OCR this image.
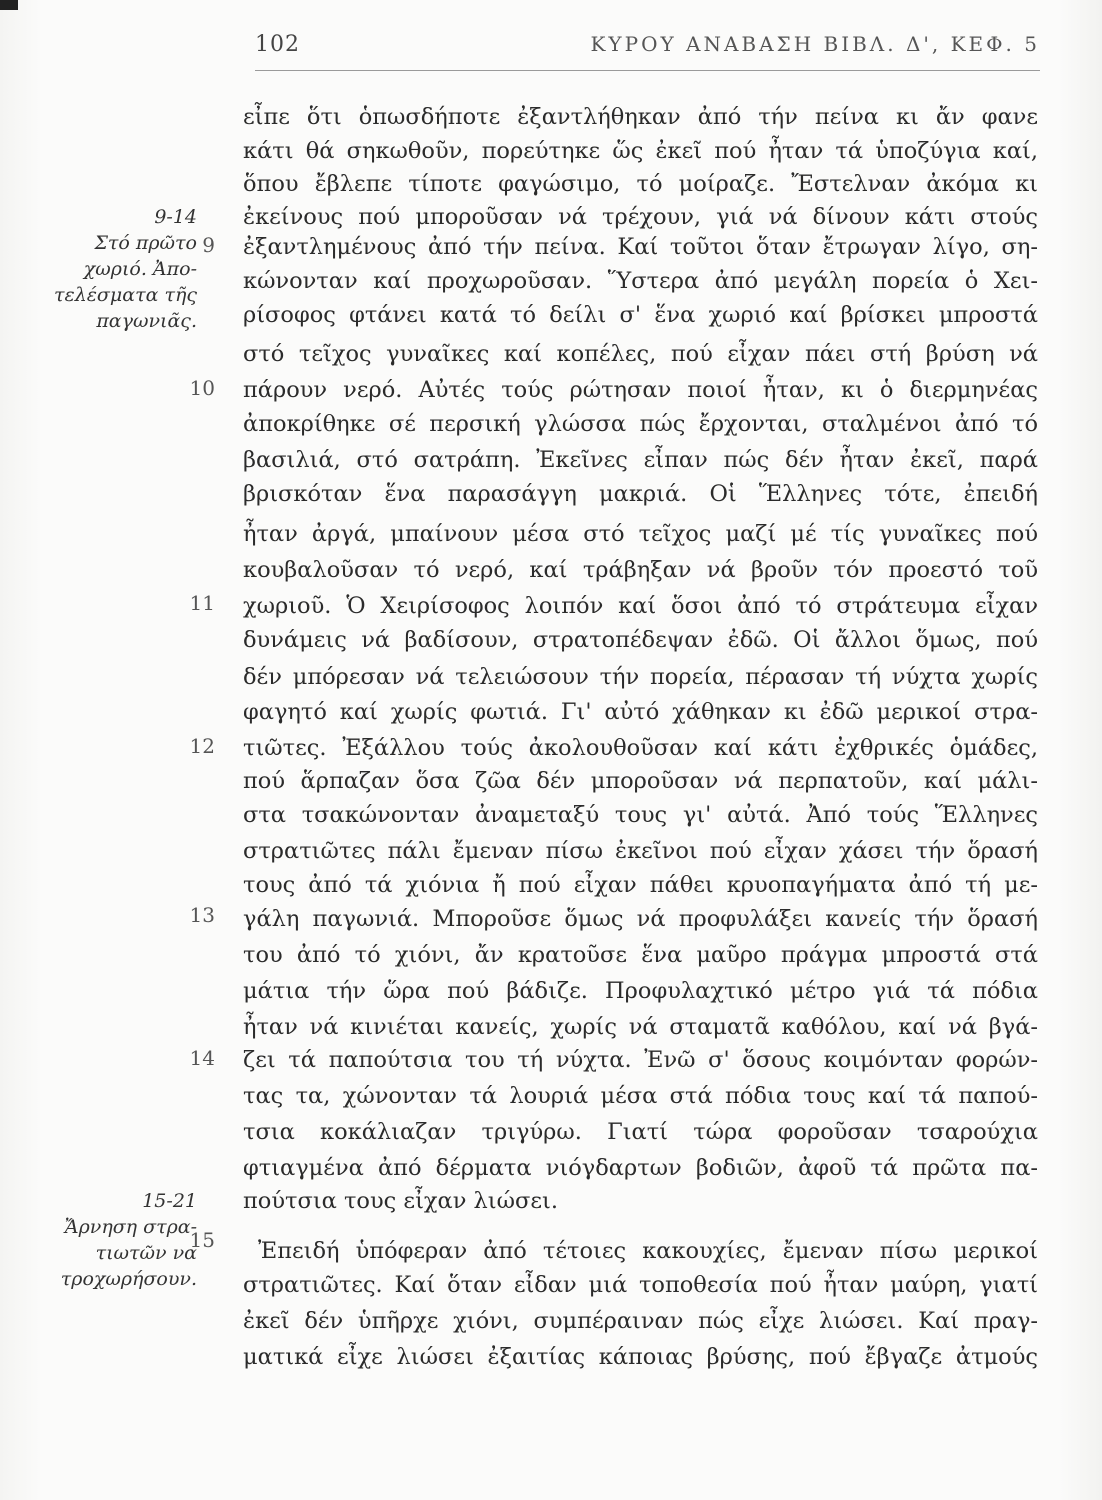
102	ΚΥΡΟΥ ΑΝΑΒΑΣΗ ΒΙΒΛ. Δ', ΚΕΦ. 5
9-14
Στό πρῶτο
χωριό. Ἀπο-
τελέσματα τῆς
παγωνιᾶς.
15-21
Ἄρνηση στρα-
τιωτῶν να
τροχωρήσουν.
9
10
11
12
13
14
15
εἶπε ὅτι ὁπωσδήποτε ἐξαντλήθηκαν ἀπό τήν πείνα κι ἄν φανε
κάτι θά σηκωθοῦν, πορεύτηκε ὥς ἐκεῖ πού ἦταν τά ὑποζύγια καί,
ὅπου ἔβλεπε τίποτε φαγώσιμο, τό μοίραζε. Ἔστελναν ἀκόμα κι
ἐκείνους πού μποροῦσαν νά τρέχουν, γιά νά δίνουν κάτι στούς
ἐξαντλημένους ἀπό τήν πείνα. Καί τοῦτοι ὅταν ἔτρωγαν λίγο, ση-
κώνονταν καί προχωροῦσαν. Ὕστερα ἀπό μεγάλη πορεία ὁ Χει-
ρίσοφος φτάνει κατά τό δείλι σ' ἕνα χωριό καί βρίσκει μπροστά
στό τεῖχος γυναῖκες καί κοπέλες, πού εἶχαν πάει στή βρύση νά
πάρουν νερό. Αὐτές τούς ρώτησαν ποιοί ἦταν, κι ὁ διερμηνέας
ἀποκρίθηκε σέ περσική γλώσσα πώς ἔρχονται, σταλμένοι ἀπό τό
βασιλιά, στό σατράπη. Ἐκεῖνες εἶπαν πώς δέν ἦταν ἐκεῖ, παρά
βρισκόταν ἕνα παρασάγγη μακριά. Οἱ Ἕλληνες τότε, ἐπειδή
ἦταν ἀργά, μπαίνουν μέσα στό τεῖχος μαζί μέ τίς γυναῖκες πού
κουβαλοῦσαν τό νερό, καί τράβηξαν νά βροῦν τόν προεστό τοῦ
χωριοῦ. Ὁ Χειρίσοφος λοιπόν καί ὅσοι ἀπό τό στράτευμα εἶχαν
δυνάμεις νά βαδίσουν, στρατοπέδεψαν ἐδῶ. Οἱ ἄλλοι ὅμως, πού
δέν μπόρεσαν νά τελειώσουν τήν πορεία, πέρασαν τή νύχτα χωρίς
φαγητό καί χωρίς φωτιά. Γι' αὐτό χάθηκαν κι ἐδῶ μερικοί στρα-
τιῶτες. Ἐξάλλου τούς ἀκολουθοῦσαν καί κάτι ἐχθρικές ὁμάδες,
πού ἅρπαζαν ὅσα ζῶα δέν μποροῦσαν νά περπατοῦν, καί μάλι-
στα τσακώνονταν ἀναμεταξύ τους γι' αὐτά. Ἀπό τούς Ἕλληνες
στρατιῶτες πάλι ἔμεναν πίσω ἐκεῖνοι πού εἶχαν χάσει τήν ὅρασή
τους ἀπό τά χιόνια ἤ πού εἶχαν πάθει κρυοπαγήματα ἀπό τή με-
γάλη παγωνιά. Μποροῦσε ὅμως νά προφυλάξει κανείς τήν ὅρασή
του ἀπό τό χιόνι, ἄν κρατοῦσε ἕνα μαῦρο πράγμα μπροστά στά
μάτια τήν ὥρα πού βάδιζε. Προφυλαχτικό μέτρο γιά τά πόδια
ἦταν νά κινιέται κανείς, χωρίς νά σταματᾶ καθόλου, καί νά βγά-
ζει τά παπούτσια του τή νύχτα. Ἐνῶ σ' ὅσους κοιμόνταν φορών-
τας τα, χώνονταν τά λουριά μέσα στά πόδια τους καί τά παπού-
τσια κοκάλιαζαν τριγύρω. Γιατί τώρα φοροῦσαν τσαρούχια
φτιαγμένα ἀπό δέρματα νιόγδαρτων βοδιῶν, ἀφοῦ τά πρῶτα πα-
πούτσια τους εἶχαν λιώσει.
Ἐπειδή ὑπόφεραν ἀπό τέτοιες κακουχίες, ἔμεναν πίσω μερικοί
στρατιῶτες. Καί ὅταν εἶδαν μιά τοποθεσία πού ἦταν μαύρη, γιατί
ἐκεῖ δέν ὑπῆρχε χιόνι, συμπέραιναν πώς εἶχε λιώσει. Καί πραγ-
ματικά εἶχε λιώσει ἐξαιτίας κάποιας βρύσης, πού ἔβγαζε ἀτμούς
